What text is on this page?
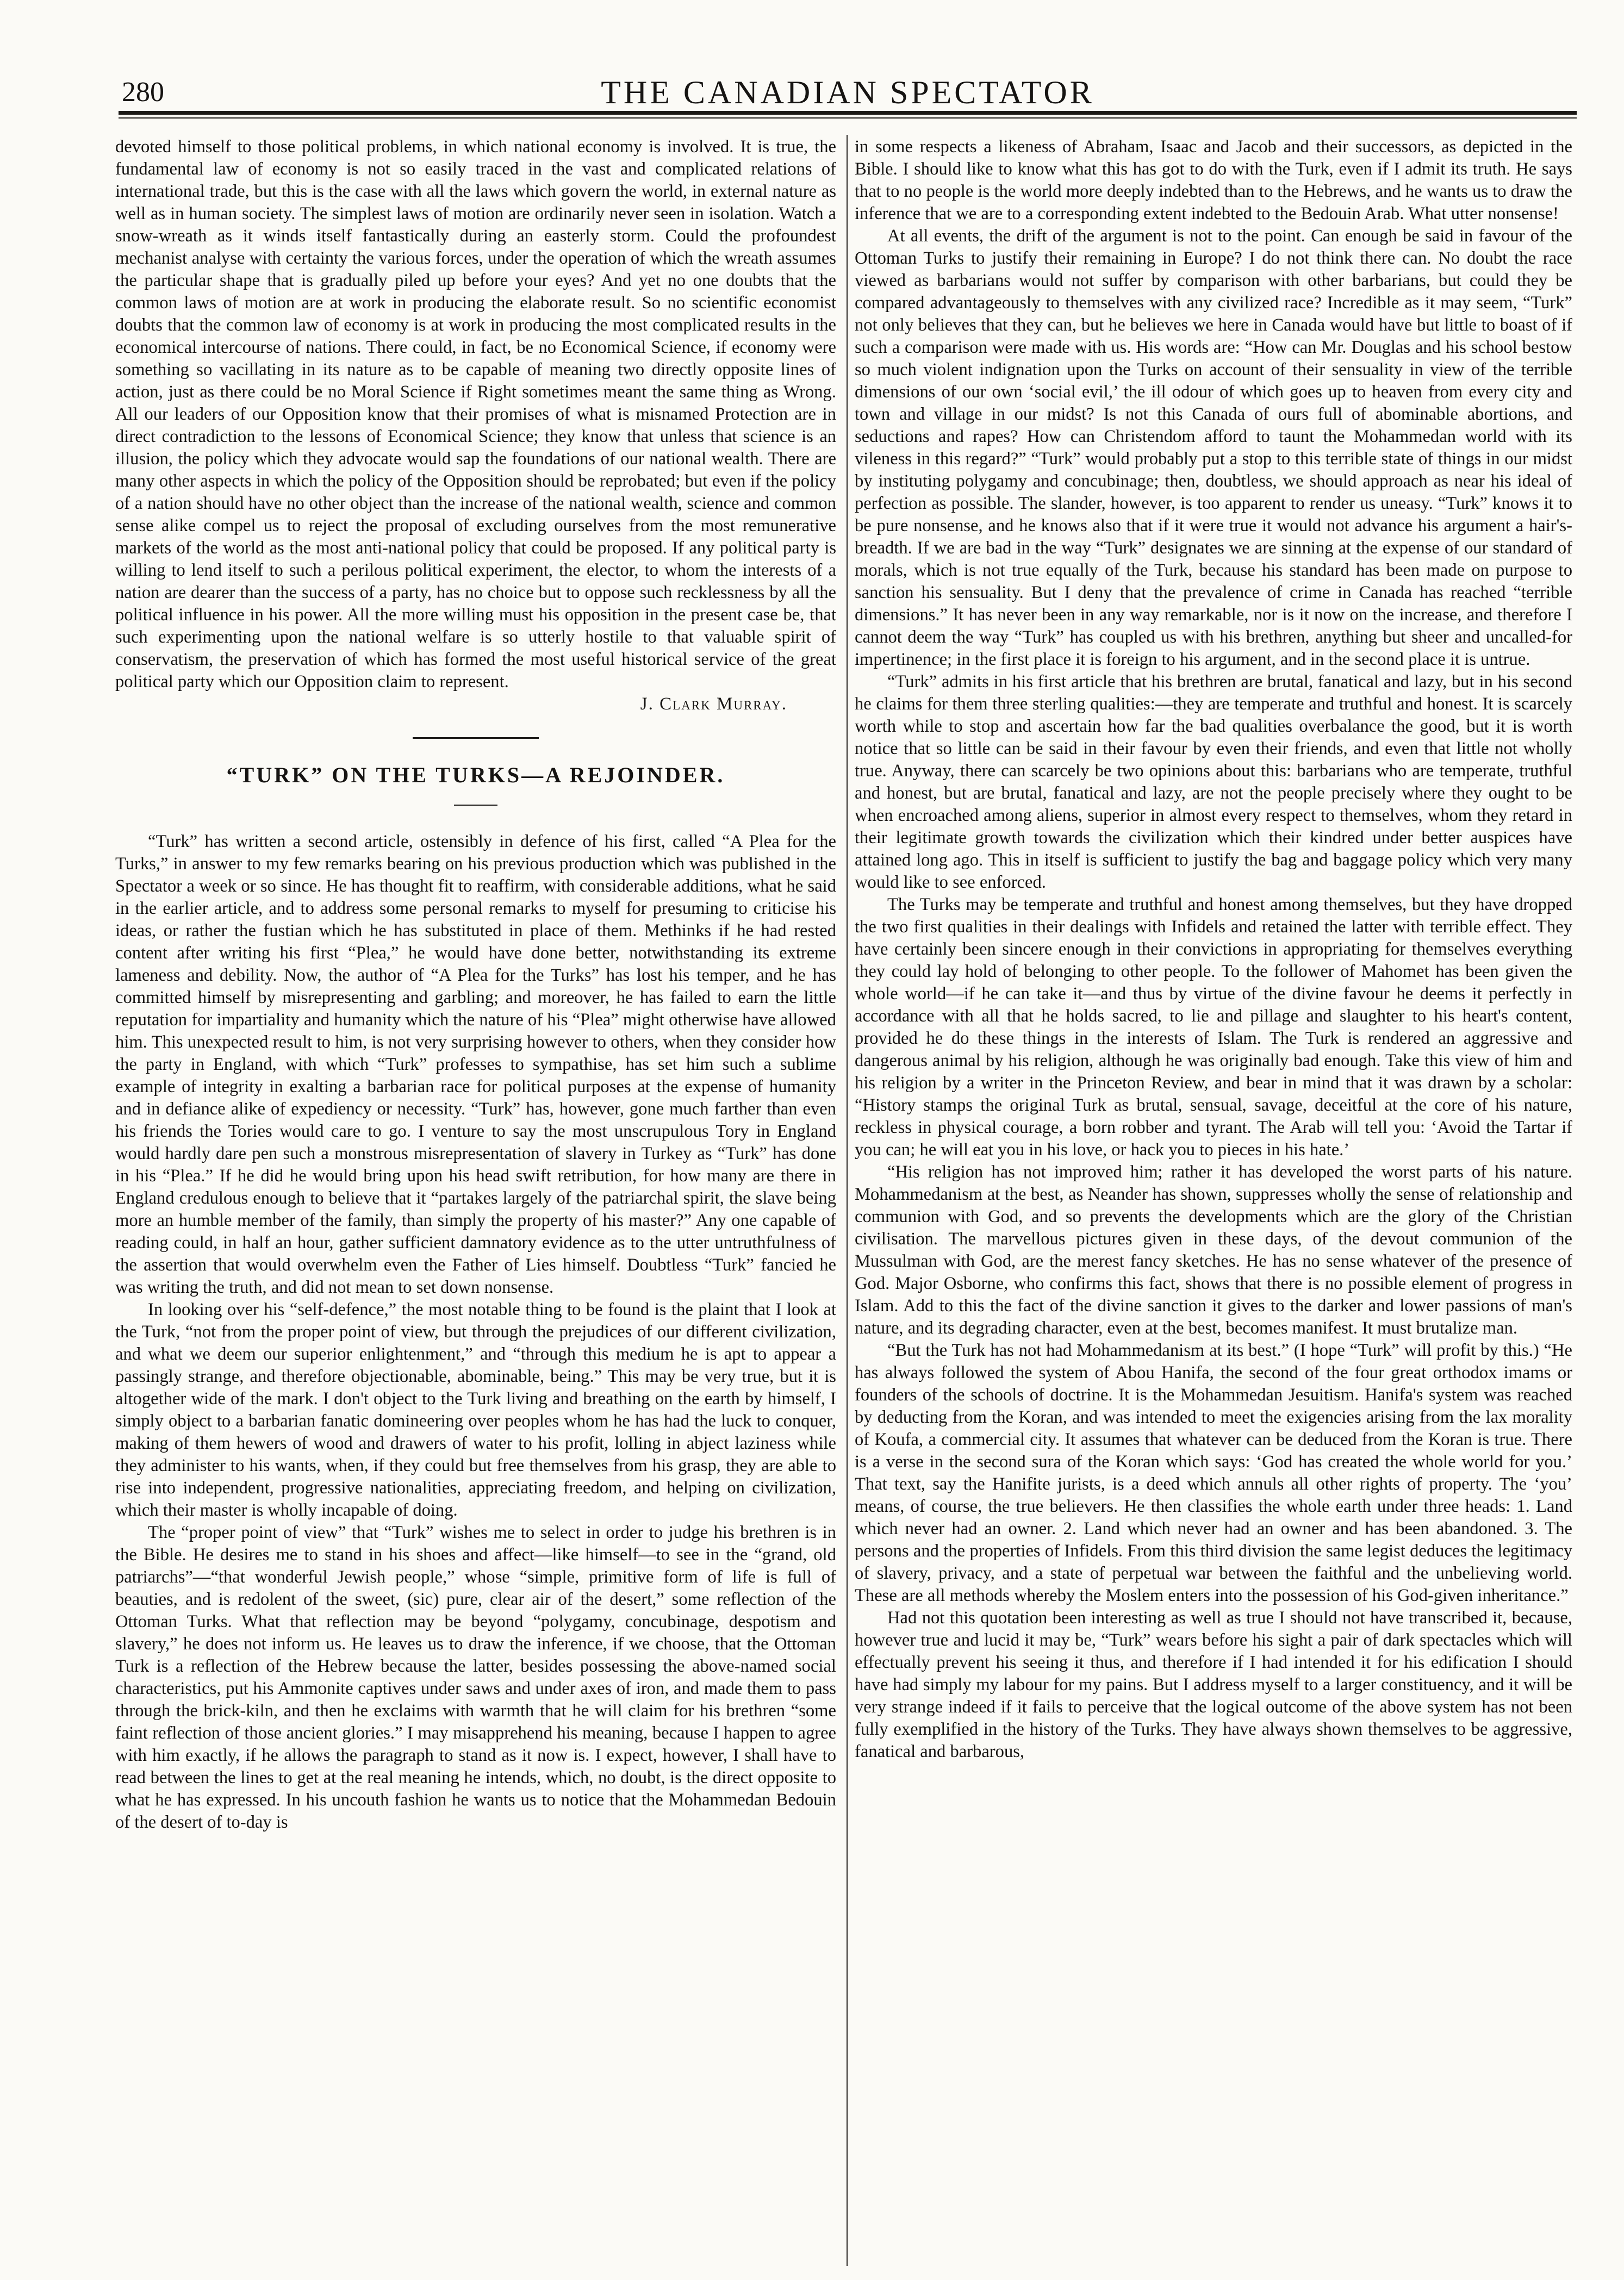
280	THE CANADIAN SPECTATOR

devoted himself to those political problems, in which national economy is involved. It is true, the fundamental law of economy is not so easily traced in the vast and complicated relations of international trade, but this is the case with all the laws which govern the world, in external nature as well as in human society. The simplest laws of motion are ordinarily never seen in isolation. Watch a snow-wreath as it winds itself fantastically during an easterly storm. Could the profoundest mechanist analyse with certainty the various forces, under the operation of which the wreath assumes the particular shape that is gradually piled up before your eyes? And yet no one doubts that the common laws of motion are at work in producing the elaborate result. So no scientific economist doubts that the common law of economy is at work in producing the most complicated results in the economical intercourse of nations. There could, in fact, be no Economical Science, if economy were something so vacillating in its nature as to be capable of meaning two directly opposite lines of action, just as there could be no Moral Science if Right sometimes meant the same thing as Wrong. All our leaders of our Opposition know that their promises of what is misnamed Protection are in direct contradiction to the lessons of Economical Science; they know that unless that science is an illusion, the policy which they advocate would sap the foundations of our national wealth. There are many other aspects in which the policy of the Opposition should be reprobated; but even if the policy of a nation should have no other object than the increase of the national wealth, science and common sense alike compel us to reject the proposal of excluding ourselves from the most remunerative markets of the world as the most anti-national policy that could be proposed. If any political party is willing to lend itself to such a perilous political experiment, the elector, to whom the interests of a nation are dearer than the success of a party, has no choice but to oppose such recklessness by all the political influence in his power. All the more willing must his opposition in the present case be, that such experimenting upon the national welfare is so utterly hostile to that valuable spirit of conservatism, the preservation of which has formed the most useful historical service of the great political party which our Opposition claim to represent.

J. Clark Murray.

“TURK” ON THE TURKS—A REJOINDER.

“Turk” has written a second article, ostensibly in defence of his first, called “A Plea for the Turks,” in answer to my few remarks bearing on his previous production which was published in the Spectator a week or so since. He has thought fit to reaffirm, with considerable additions, what he said in the earlier article, and to address some personal remarks to myself for presuming to criticise his ideas, or rather the fustian which he has substituted in place of them. Methinks if he had rested content after writing his first “Plea,” he would have done better, notwithstanding its extreme lameness and debility. Now, the author of “A Plea for the Turks” has lost his temper, and he has committed himself by misrepresenting and garbling; and moreover, he has failed to earn the little reputation for impartiality and humanity which the nature of his “Plea” might otherwise have allowed him. This unexpected result to him, is not very surprising however to others, when they consider how the party in England, with which “Turk” professes to sympathise, has set him such a sublime example of integrity in exalting a barbarian race for political purposes at the expense of humanity and in defiance alike of expediency or necessity. “Turk” has, however, gone much farther than even his friends the Tories would care to go. I venture to say the most unscrupulous Tory in England would hardly dare pen such a monstrous misrepresentation of slavery in Turkey as “Turk” has done in his “Plea.” If he did he would bring upon his head swift retribution, for how many are there in England credulous enough to believe that it “partakes largely of the patriarchal spirit, the slave being more an humble member of the family, than simply the property of his master?” Any one capable of reading could, in half an hour, gather sufficient damnatory evidence as to the utter untruthfulness of the assertion that would overwhelm even the Father of Lies himself. Doubtless “Turk” fancied he was writing the truth, and did not mean to set down nonsense.

In looking over his “self-defence,” the most notable thing to be found is the plaint that I look at the Turk, “not from the proper point of view, but through the prejudices of our different civilization, and what we deem our superior enlightenment,” and “through this medium he is apt to appear a passingly strange, and therefore objectionable, abominable, being.” This may be very true, but it is altogether wide of the mark. I don't object to the Turk living and breathing on the earth by himself, I simply object to a barbarian fanatic domineering over peoples whom he has had the luck to conquer, making of them hewers of wood and drawers of water to his profit, lolling in abject laziness while they administer to his wants, when, if they could but free themselves from his grasp, they are able to rise into independent, progressive nationalities, appreciating freedom, and helping on civilization, which their master is wholly incapable of doing.

The “proper point of view” that “Turk” wishes me to select in order to judge his brethren is in the Bible. He desires me to stand in his shoes and affect—like himself—to see in the “grand, old patriarchs”—“that wonderful Jewish people,” whose “simple, primitive form of life is full of beauties, and is redolent of the sweet, (sic) pure, clear air of the desert,” some reflection of the Ottoman Turks. What that reflection may be beyond “polygamy, concubinage, despotism and slavery,” he does not inform us. He leaves us to draw the inference, if we choose, that the Ottoman Turk is a reflection of the Hebrew because the latter, besides possessing the above-named social characteristics, put his Ammonite captives under saws and under axes of iron, and made them to pass through the brick-kiln, and then he exclaims with warmth that he will claim for his brethren “some faint reflection of those ancient glories.” I may misapprehend his meaning, because I happen to agree with him exactly, if he allows the paragraph to stand as it now is. I expect, however, I shall have to read between the lines to get at the real meaning he intends, which, no doubt, is the direct opposite to what he has expressed. In his uncouth fashion he wants us to notice that the Mohammedan Bedouin of the desert of to-day is

in some respects a likeness of Abraham, Isaac and Jacob and their successors, as depicted in the Bible. I should like to know what this has got to do with the Turk, even if I admit its truth. He says that to no people is the world more deeply indebted than to the Hebrews, and he wants us to draw the inference that we are to a corresponding extent indebted to the Bedouin Arab. What utter nonsense!

At all events, the drift of the argument is not to the point. Can enough be said in favour of the Ottoman Turks to justify their remaining in Europe? I do not think there can. No doubt the race viewed as barbarians would not suffer by comparison with other barbarians, but could they be compared advantageously to themselves with any civilized race? Incredible as it may seem, “Turk” not only believes that they can, but he believes we here in Canada would have but little to boast of if such a comparison were made with us. His words are: “How can Mr. Douglas and his school bestow so much violent indignation upon the Turks on account of their sensuality in view of the terrible dimensions of our own ‘social evil,’ the ill odour of which goes up to heaven from every city and town and village in our midst? Is not this Canada of ours full of abominable abortions, and seductions and rapes? How can Christendom afford to taunt the Mohammedan world with its vileness in this regard?” “Turk” would probably put a stop to this terrible state of things in our midst by instituting polygamy and concubinage; then, doubtless, we should approach as near his ideal of perfection as possible. The slander, however, is too apparent to render us uneasy. “Turk” knows it to be pure nonsense, and he knows also that if it were true it would not advance his argument a hair's-breadth. If we are bad in the way “Turk” designates we are sinning at the expense of our standard of morals, which is not true equally of the Turk, because his standard has been made on purpose to sanction his sensuality. But I deny that the prevalence of crime in Canada has reached “terrible dimensions.” It has never been in any way remarkable, nor is it now on the increase, and therefore I cannot deem the way “Turk” has coupled us with his brethren, anything but sheer and uncalled-for impertinence; in the first place it is foreign to his argument, and in the second place it is untrue.

“Turk” admits in his first article that his brethren are brutal, fanatical and lazy, but in his second he claims for them three sterling qualities:—they are temperate and truthful and honest. It is scarcely worth while to stop and ascertain how far the bad qualities overbalance the good, but it is worth notice that so little can be said in their favour by even their friends, and even that little not wholly true. Anyway, there can scarcely be two opinions about this: barbarians who are temperate, truthful and honest, but are brutal, fanatical and lazy, are not the people precisely where they ought to be when encroached among aliens, superior in almost every respect to themselves, whom they retard in their legitimate growth towards the civilization which their kindred under better auspices have attained long ago. This in itself is sufficient to justify the bag and baggage policy which very many would like to see enforced.

The Turks may be temperate and truthful and honest among themselves, but they have dropped the two first qualities in their dealings with Infidels and retained the latter with terrible effect. They have certainly been sincere enough in their convictions in appropriating for themselves everything they could lay hold of belonging to other people. To the follower of Mahomet has been given the whole world—if he can take it—and thus by virtue of the divine favour he deems it perfectly in accordance with all that he holds sacred, to lie and pillage and slaughter to his heart's content, provided he do these things in the interests of Islam. The Turk is rendered an aggressive and dangerous animal by his religion, although he was originally bad enough. Take this view of him and his religion by a writer in the Princeton Review, and bear in mind that it was drawn by a scholar: “History stamps the original Turk as brutal, sensual, savage, deceitful at the core of his nature, reckless in physical courage, a born robber and tyrant. The Arab will tell you: ‘Avoid the Tartar if you can; he will eat you in his love, or hack you to pieces in his hate.’

“His religion has not improved him; rather it has developed the worst parts of his nature. Mohammedanism at the best, as Neander has shown, suppresses wholly the sense of relationship and communion with God, and so prevents the developments which are the glory of the Christian civilisation. The marvellous pictures given in these days, of the devout communion of the Mussulman with God, are the merest fancy sketches. He has no sense whatever of the presence of God. Major Osborne, who confirms this fact, shows that there is no possible element of progress in Islam. Add to this the fact of the divine sanction it gives to the darker and lower passions of man's nature, and its degrading character, even at the best, becomes manifest. It must brutalize man.

“But the Turk has not had Mohammedanism at its best.” (I hope “Turk” will profit by this.) “He has always followed the system of Abou Hanifa, the second of the four great orthodox imams or founders of the schools of doctrine. It is the Mohammedan Jesuitism. Hanifa's system was reached by deducting from the Koran, and was intended to meet the exigencies arising from the lax morality of Koufa, a commercial city. It assumes that whatever can be deduced from the Koran is true. There is a verse in the second sura of the Koran which says: ‘God has created the whole world for you.’ That text, say the Hanifite jurists, is a deed which annuls all other rights of property. The ‘you’ means, of course, the true believers. He then classifies the whole earth under three heads: 1. Land which never had an owner. 2. Land which never had an owner and has been abandoned. 3. The persons and the properties of Infidels. From this third division the same legist deduces the legitimacy of slavery, privacy, and a state of perpetual war between the faithful and the unbelieving world. These are all methods whereby the Moslem enters into the possession of his God-given inheritance.”

Had not this quotation been interesting as well as true I should not have transcribed it, because, however true and lucid it may be, “Turk” wears before his sight a pair of dark spectacles which will effectually prevent his seeing it thus, and therefore if I had intended it for his edification I should have had simply my labour for my pains. But I address myself to a larger constituency, and it will be very strange indeed if it fails to perceive that the logical outcome of the above system has not been fully exemplified in the history of the Turks. They have always shown themselves to be aggressive, fanatical and barbarous,
